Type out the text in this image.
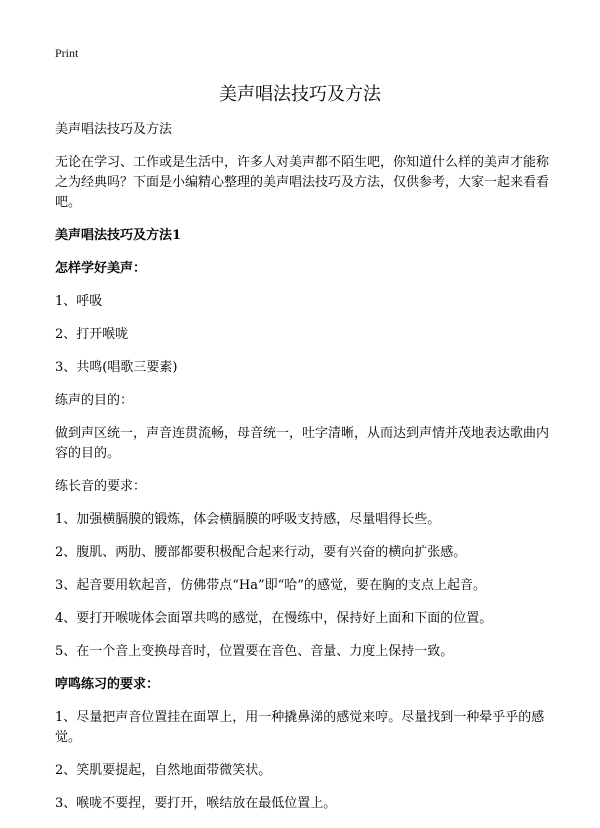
Print
美声唱法技巧及方法

美声唱法技巧及方法

无论在学习、工作或是生活中，许多人对美声都不陌生吧，你知道什么样的美声才能称之为经典吗？下面是小编精心整理的美声唱法技巧及方法，仅供参考，大家一起来看看吧。

美声唱法技巧及方法1

怎样学好美声：

1、呼吸

2、打开喉咙

3、共鸣(唱歌三要素)

练声的目的：

做到声区统一，声音连贯流畅，母音统一，吐字清晰，从而达到声情并茂地表达歌曲内容的目的。

练长音的要求：

1、加强横膈膜的锻炼，体会横膈膜的呼吸支持感，尽量唱得长些。

2、腹肌、两肋、腰部都要积极配合起来行动，要有兴奋的横向扩张感。

3、起音要用软起音，仿佛带点“Ha”即“哈”的感觉，要在胸的支点上起音。

4、要打开喉咙体会面罩共鸣的感觉，在慢练中，保持好上面和下面的位置。

5、在一个音上变换母音时，位置要在音色、音量、力度上保持一致。

哼鸣练习的要求：

1、尽量把声音位置挂在面罩上，用一种撬鼻涕的感觉来哼。尽量找到一种晕乎乎的感觉。

2、笑肌要提起，自然地面带微笑状。

3、喉咙不要捏，要打开，喉结放在最低位置上。
